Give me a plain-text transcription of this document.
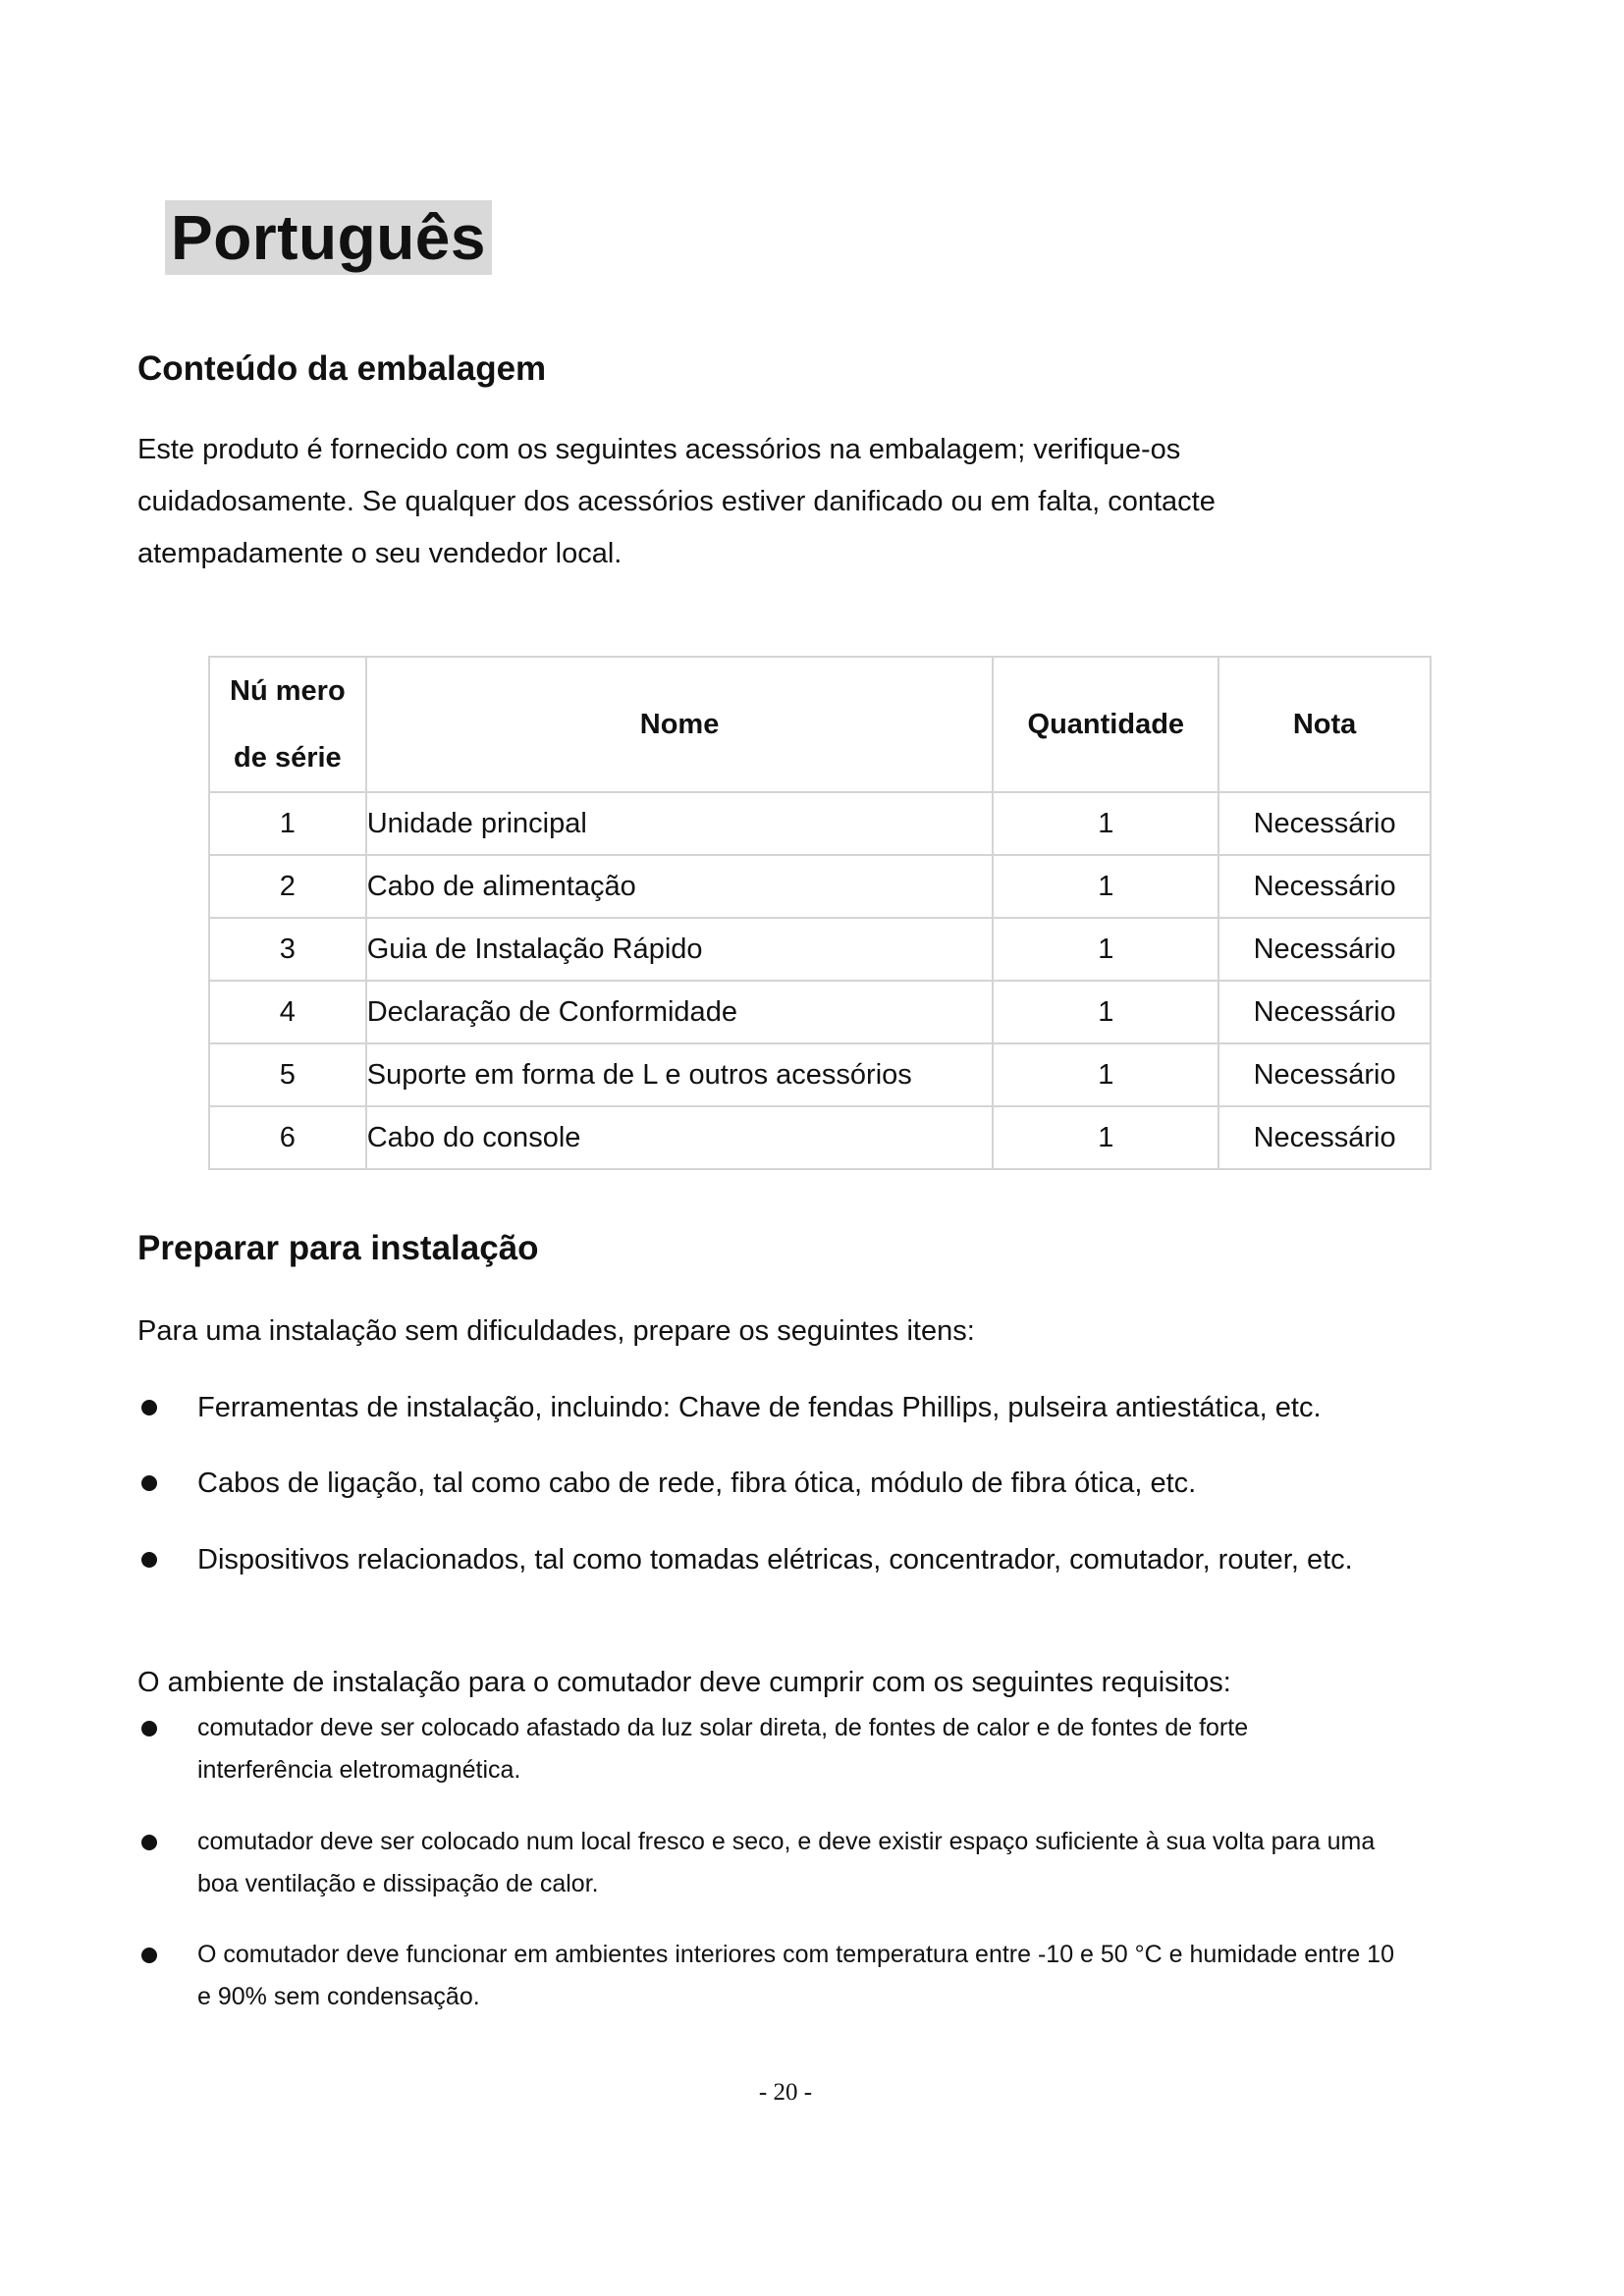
Português
Conteúdo da embalagem
Este produto é fornecido com os seguintes acessórios na embalagem; verifique-os
cuidadosamente. Se qualquer dos acessórios estiver danificado ou em falta, contacte
atempadamente o seu vendedor local.
Nú mero
de série	Nome	Quantidade	Nota
1	Unidade principal	1	Necessário
2	Cabo de alimentação	1	Necessário
3	Guia de Instalação Rápido	1	Necessário
4	Declaração de Conformidade	1	Necessário
5	Suporte em forma de L e outros acessórios	1	Necessário
6	Cabo do console	1	Necessário
Preparar para instalação
Para uma instalação sem dificuldades, prepare os seguintes itens:
Ferramentas de instalação, incluindo: Chave de fendas Phillips, pulseira antiestática, etc.
Cabos de ligação, tal como cabo de rede, fibra ótica, módulo de fibra ótica, etc.
Dispositivos relacionados, tal como tomadas elétricas, concentrador, comutador, router, etc.
O ambiente de instalação para o comutador deve cumprir com os seguintes requisitos:
comutador deve ser colocado afastado da luz solar direta, de fontes de calor e de fontes de forte
interferência eletromagnética.
comutador deve ser colocado num local fresco e seco, e deve existir espaço suficiente à sua volta para uma
boa ventilação e dissipação de calor.
O comutador deve funcionar em ambientes interiores com temperatura entre -10 e 50 °C e humidade entre 10
e 90% sem condensação.
- 20 -
